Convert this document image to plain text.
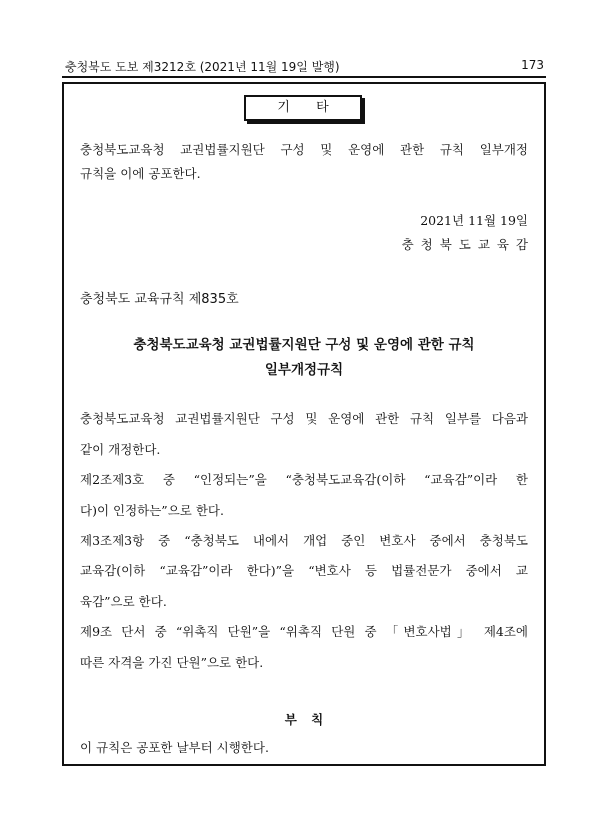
충청북도 도보 제3212호 (2021년 11월 19일 발행)	173
기 타
충청북도교육청 교권법률지원단 구성 및 운영에 관한 규칙 일부개정
규칙을 이에 공포한다.
2021년 11월 19일
충 청 북 도 교 육 감
충청북도 교육규칙 제835호
충청북도교육청 교권법률지원단 구성 및 운영에 관한 규칙
일부개정규칙
충청북도교육청 교권법률지원단 구성 및 운영에 관한 규칙 일부를 다음과
같이 개정한다.
제2조제3호 중 “인정되는”을 “충청북도교육감(이하 “교육감”이라 한
다)이 인정하는”으로 한다.
제3조제3항 중 “충청북도 내에서 개업 중인 변호사 중에서 충청북도
교육감(이하 “교육감”이라 한다)”을 “변호사 등 법률전문가 중에서 교
육감”으로 한다.
제9조 단서 중 “위촉직 단원”을 “위촉직 단원 중 「변호사법」 제4조에
따른 자격을 가진 단원”으로 한다.
부 칙
이 규칙은 공포한 날부터 시행한다.
